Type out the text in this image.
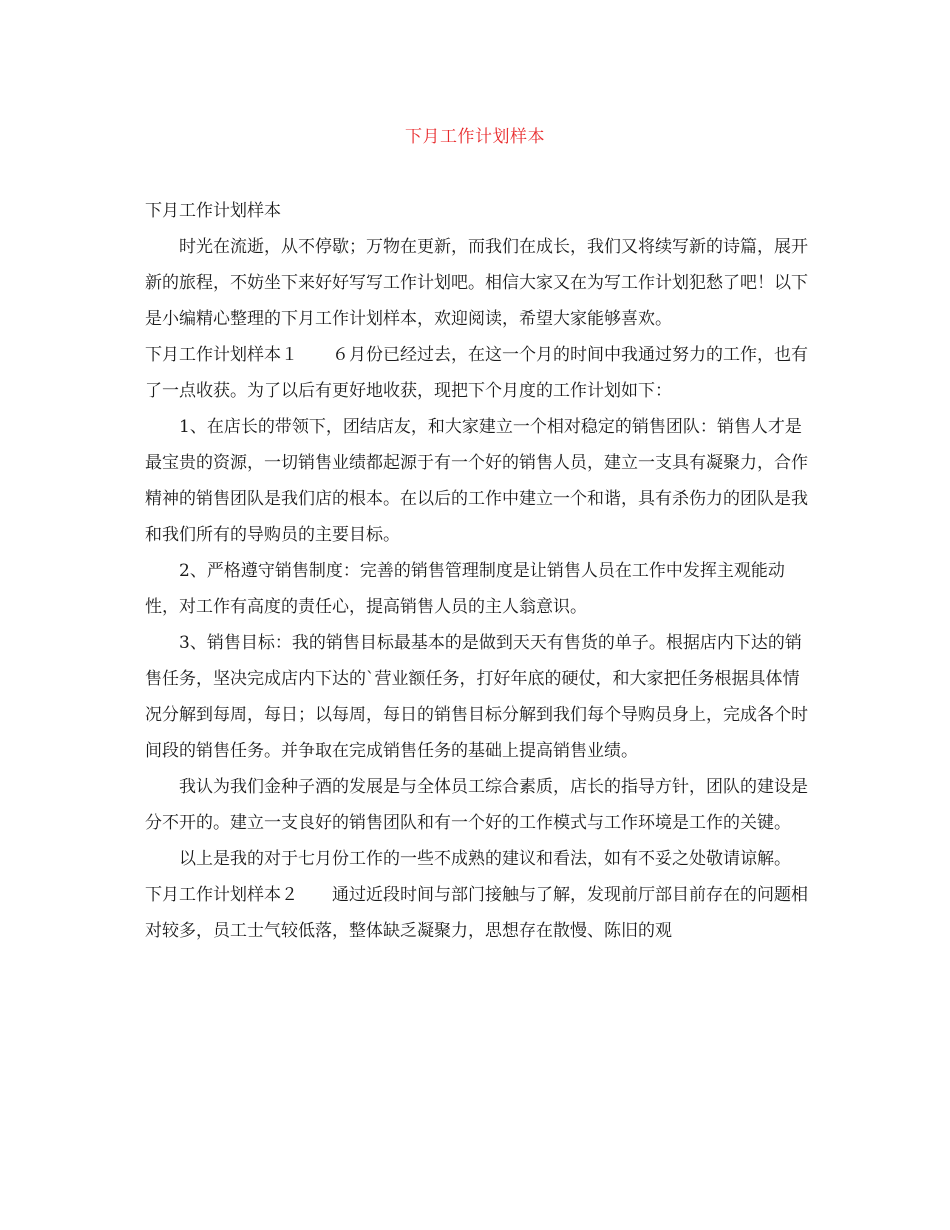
下月工作计划样本

下月工作计划样本

时光在流逝，从不停歇；万物在更新，而我们在成长，我们又将续写新的诗篇，展开新的旅程，不妨坐下来好好写写工作计划吧。相信大家又在为写工作计划犯愁了吧！以下是小编精心整理的下月工作计划样本，欢迎阅读，希望大家能够喜欢。

下月工作计划样本１　　６月份已经过去，在这一个月的时间中我通过努力的工作，也有了一点收获。为了以后有更好地收获，现把下个月度的工作计划如下：

1、在店长的带领下，团结店友，和大家建立一个相对稳定的销售团队：销售人才是最宝贵的资源，一切销售业绩都起源于有一个好的销售人员，建立一支具有凝聚力，合作精神的销售团队是我们店的根本。在以后的工作中建立一个和谐，具有杀伤力的团队是我和我们所有的导购员的主要目标。

2、严格遵守销售制度：完善的销售管理制度是让销售人员在工作中发挥主观能动性，对工作有高度的责任心，提高销售人员的主人翁意识。

3、销售目标：我的销售目标最基本的是做到天天有售货的单子。根据店内下达的销售任务，坚决完成店内下达的`营业额任务，打好年底的硬仗，和大家把任务根据具体情况分解到每周，每日；以每周，每日的销售目标分解到我们每个导购员身上，完成各个时间段的销售任务。并争取在完成销售任务的基础上提高销售业绩。

我认为我们金种子酒的发展是与全体员工综合素质，店长的指导方针，团队的建设是分不开的。建立一支良好的销售团队和有一个好的工作模式与工作环境是工作的关键。

以上是我的对于七月份工作的一些不成熟的建议和看法，如有不妥之处敬请谅解。

下月工作计划样本２　　通过近段时间与部门接触与了解，发现前厅部目前存在的问题相对较多，员工士气较低落，整体缺乏凝聚力，思想存在散慢、陈旧的观
